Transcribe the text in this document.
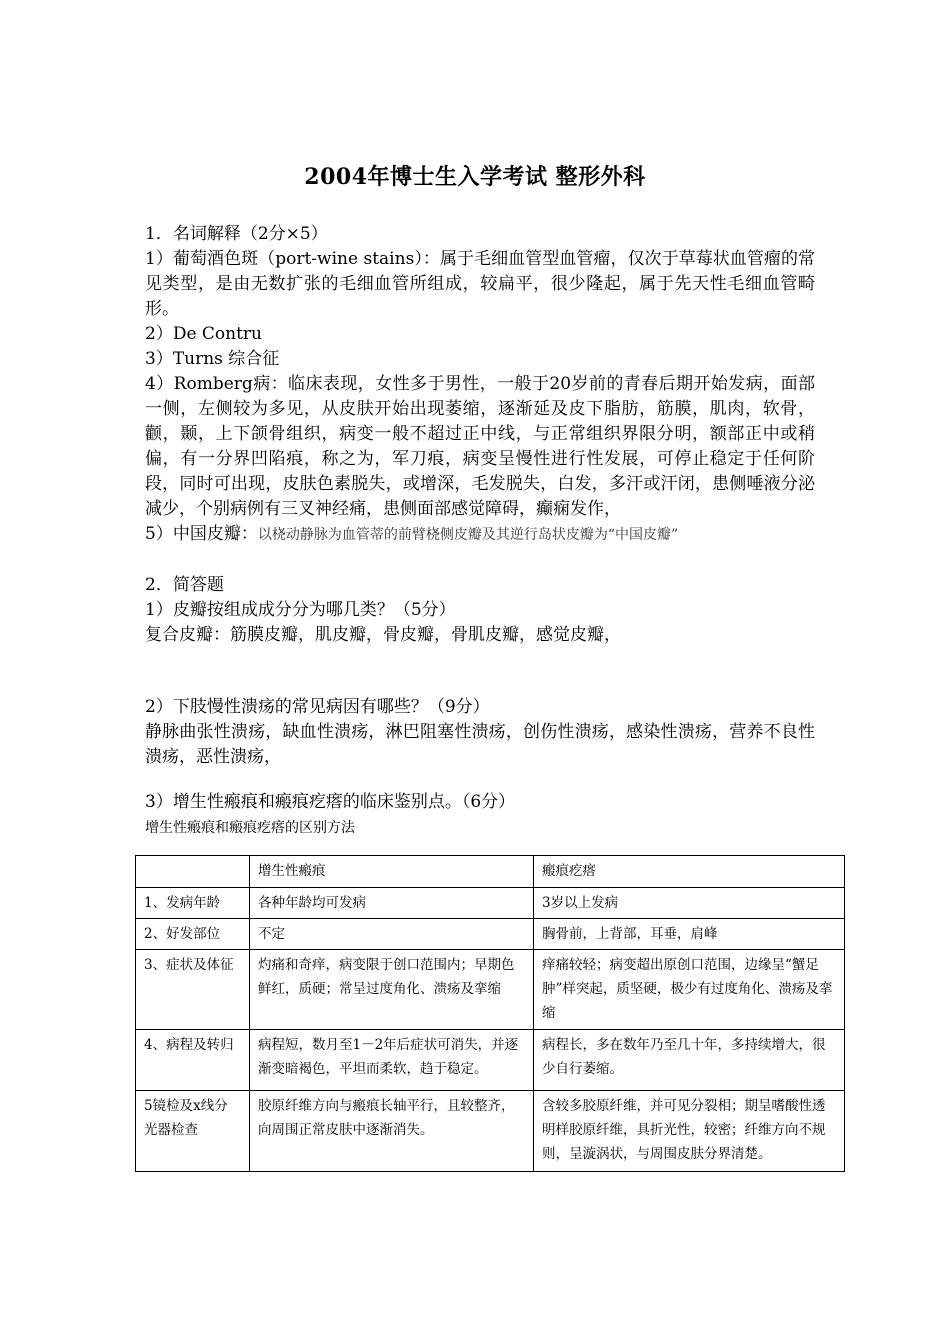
2004年博士生入学考试 整形外科

1．名词解释（2分×5）

1）葡萄酒色斑（port-wine stains）：属于毛细血管型血管瘤，仅次于草莓状血管瘤的常见类型，是由无数扩张的毛细血管所组成，较扁平，很少隆起，属于先天性毛细血管畸形。

2）De Contru

3）Turns 综合征

4）Romberg病：临床表现，女性多于男性，一般于20岁前的青春后期开始发病，面部一侧，左侧较为多见，从皮肤开始出现萎缩，逐渐延及皮下脂肪，筋膜，肌肉，软骨，颧，颞，上下颌骨组织，病变一般不超过正中线，与正常组织界限分明，额部正中或稍偏，有一分界凹陷痕，称之为，军刀痕，病变呈慢性进行性发展，可停止稳定于任何阶段，同时可出现，皮肤色素脱失，或增深，毛发脱失，白发，多汗或汗闭，患侧唾液分泌减少，个别病例有三叉神经痛，患侧面部感觉障碍，癫痫发作，

5）中国皮瓣：以桡动静脉为血管蒂的前臂桡侧皮瓣及其逆行岛状皮瓣为“中国皮瓣”

2．简答题

1）皮瓣按组成成分分为哪几类？（5分）

复合皮瓣：筋膜皮瓣，肌皮瓣，骨皮瓣，骨肌皮瓣，感觉皮瓣，

2）下肢慢性溃疡的常见病因有哪些？（9分）

静脉曲张性溃疡，缺血性溃疡，淋巴阻塞性溃疡，创伤性溃疡，感染性溃疡，营养不良性溃疡，恶性溃疡，

3）增生性瘢痕和瘢痕疙瘩的临床鉴别点。（6分）

增生性瘢痕和瘢痕疙瘩的区别方法

	增生性瘢痕	瘢痕疙瘩
1、发病年龄	各种年龄均可发病	3岁以上发病
2、好发部位	不定	胸骨前，上背部，耳垂，肩峰
3、症状及体征	灼痛和奇痒，病变限于创口范围内；早期色鲜红，质硬；常呈过度角化、溃疡及挛缩	痒痛较轻；病变超出原创口范围，边缘呈“蟹足肿”样突起，质坚硬，极少有过度角化、溃疡及挛缩
4、病程及转归	病程短，数月至1－2年后症状可消失，并逐渐变暗褐色，平坦而柔软，趋于稳定。	病程长，多在数年乃至几十年，多持续增大，很少自行萎缩。
5镜检及x线分光器检查	胶原纤维方向与瘢痕长轴平行，且较整齐，向周围正常皮肤中逐渐消失。	含较多胶原纤维，并可见分裂相；期呈嗜酸性透明样胶原纤维，具折光性，较密；纤维方向不规则，呈漩涡状，与周围皮肤分界清楚。
